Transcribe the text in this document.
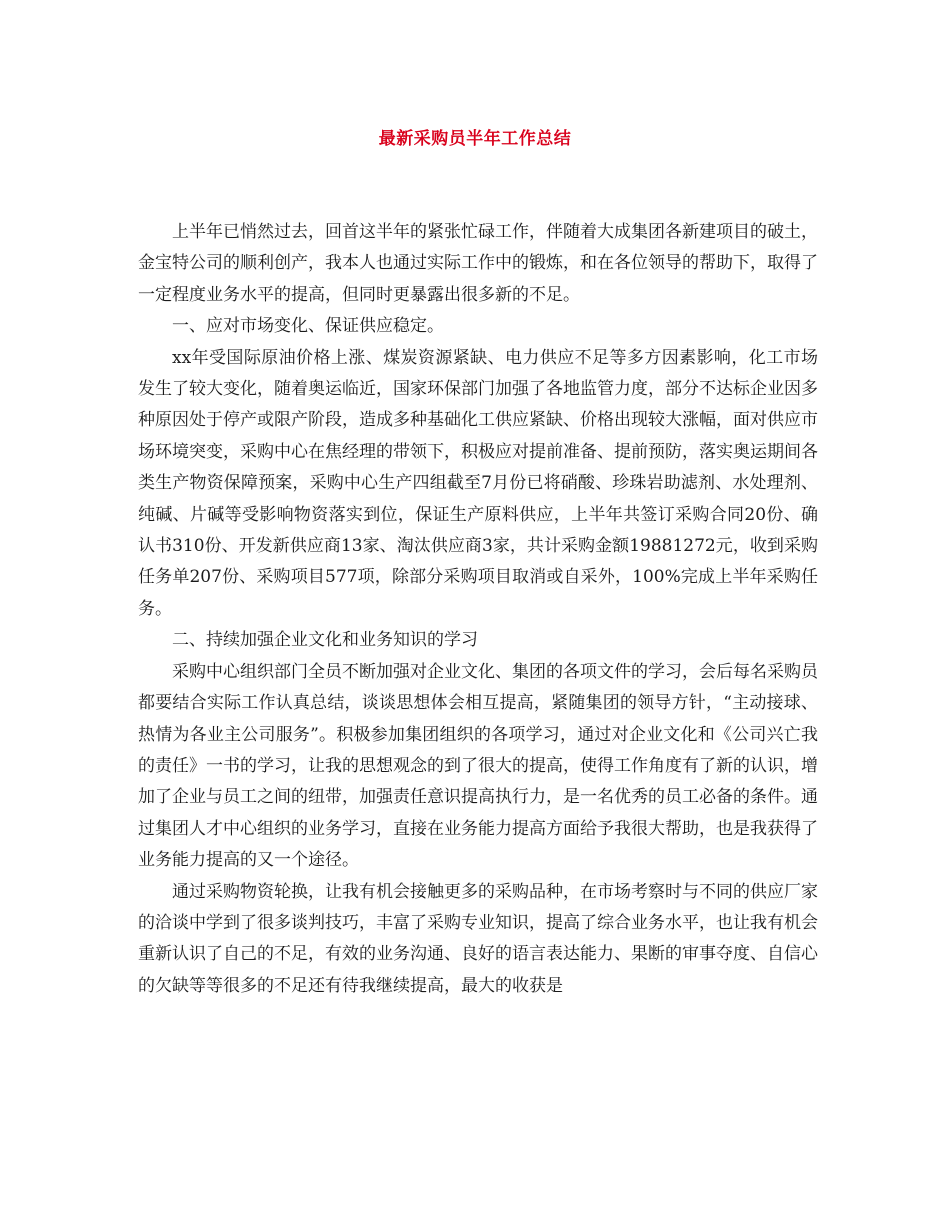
最新采购员半年工作总结

上半年已悄然过去，回首这半年的紧张忙碌工作，伴随着大成集团各新建项目的破土，金宝特公司的顺利创产，我本人也通过实际工作中的锻炼，和在各位领导的帮助下，取得了一定程度业务水平的提高，但同时更暴露出很多新的不足。

一、应对市场变化、保证供应稳定。

xx年受国际原油价格上涨、煤炭资源紧缺、电力供应不足等多方因素影响，化工市场发生了较大变化，随着奥运临近，国家环保部门加强了各地监管力度，部分不达标企业因多种原因处于停产或限产阶段，造成多种基础化工供应紧缺、价格出现较大涨幅，面对供应市场环境突变，采购中心在焦经理的带领下，积极应对提前准备、提前预防，落实奥运期间各类生产物资保障预案，采购中心生产四组截至7月份已将硝酸、珍珠岩助滤剂、水处理剂、纯碱、片碱等受影响物资落实到位，保证生产原料供应，上半年共签订采购合同20份、确认书310份、开发新供应商13家、淘汰供应商3家，共计采购金额19881272元，收到采购任务单207份、采购项目577项，除部分采购项目取消或自采外，100%完成上半年采购任务。

二、持续加强企业文化和业务知识的学习

采购中心组织部门全员不断加强对企业文化、集团的各项文件的学习，会后每名采购员都要结合实际工作认真总结，谈谈思想体会相互提高，紧随集团的领导方针，“主动接球、热情为各业主公司服务”。积极参加集团组织的各项学习，通过对企业文化和《公司兴亡我的责任》一书的学习，让我的思想观念的到了很大的提高，使得工作角度有了新的认识，增加了企业与员工之间的纽带，加强责任意识提高执行力，是一名优秀的员工必备的条件。通过集团人才中心组织的业务学习，直接在业务能力提高方面给予我很大帮助，也是我获得了业务能力提高的又一个途径。

通过采购物资轮换，让我有机会接触更多的采购品种，在市场考察时与不同的供应厂家的洽谈中学到了很多谈判技巧，丰富了采购专业知识，提高了综合业务水平，也让我有机会重新认识了自己的不足，有效的业务沟通、良好的语言表达能力、果断的审事夺度、自信心的欠缺等等很多的不足还有待我继续提高，最大的收获是
